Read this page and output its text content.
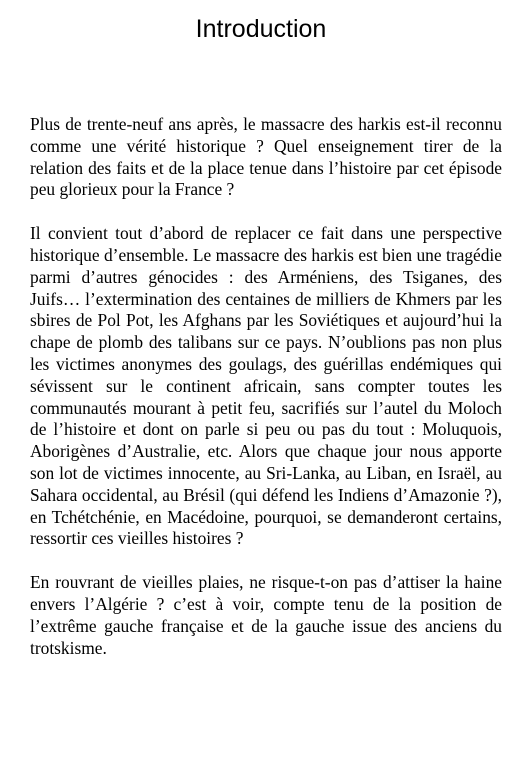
Introduction

Plus de trente-neuf ans après, le massacre des harkis est-il reconnu comme une vérité historique ? Quel enseignement tirer de la relation des faits et de la place tenue dans l’histoire par cet épisode peu glorieux pour la France ?

Il convient tout d’abord de replacer ce fait dans une perspective historique d’ensemble. Le massacre des harkis est bien une tragédie parmi d’autres génocides : des Arméniens, des Tsiganes, des Juifs… l’extermination des centaines de milliers de Khmers par les sbires de Pol Pot, les Afghans par les Soviétiques et aujourd’hui la chape de plomb des talibans sur ce pays. N’oublions pas non plus les victimes anonymes des goulags, des guérillas endémiques qui sévissent sur le continent africain, sans compter toutes les communautés mourant à petit feu, sacrifiés sur l’autel du Moloch de l’histoire et dont on parle si peu ou pas du tout : Moluquois, Aborigènes d’Australie, etc. Alors que chaque jour nous apporte son lot de victimes innocente, au Sri-Lanka, au Liban, en Israël, au Sahara occidental, au Brésil (qui défend les Indiens d’Amazonie ?), en Tchétchénie, en Macédoine, pourquoi, se demanderont certains, ressortir ces vieilles histoires ?

En rouvrant de vieilles plaies, ne risque-t-on pas d’attiser la haine envers l’Algérie ? c’est à voir, compte tenu de la position de l’extrême gauche française et de la gauche issue des anciens du trotskisme.
